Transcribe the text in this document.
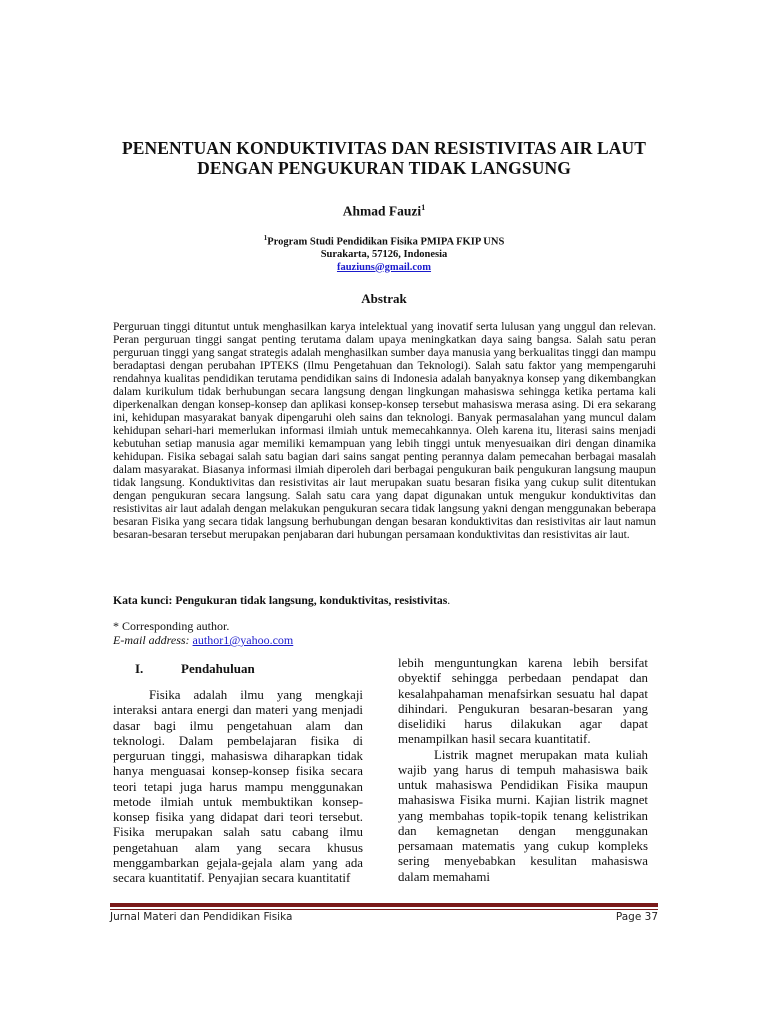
PENENTUAN KONDUKTIVITAS DAN RESISTIVITAS AIR LAUT
DENGAN PENGUKURAN TIDAK LANGSUNG
Ahmad Fauzi$^1$
$^1$Program Studi Pendidikan Fisika PMIPA FKIP UNS
Surakarta, 57126, Indonesia
fauziuns@gmail.com
Abstrak
Perguruan tinggi dituntut untuk menghasilkan karya intelektual yang inovatif serta lulusan yang unggul dan relevan. Peran perguruan tinggi sangat penting terutama dalam upaya meningkatkan daya saing bangsa. Salah satu peran perguruan tinggi yang sangat strategis adalah menghasilkan sumber daya manusia yang berkualitas tinggi dan mampu beradaptasi dengan perubahan IPTEKS (Ilmu Pengetahuan dan Teknologi). Salah satu faktor yang mempengaruhi rendahnya kualitas pendidikan terutama pendidikan sains di Indonesia adalah banyaknya konsep yang dikembangkan dalam kurikulum tidak berhubungan secara langsung dengan lingkungan mahasiswa sehingga ketika pertama kali diperkenalkan dengan konsep-konsep dan aplikasi konsep-konsep tersebut mahasiswa merasa asing. Di era sekarang ini, kehidupan masyarakat banyak dipengaruhi oleh sains dan teknologi. Banyak permasalahan yang muncul dalam kehidupan sehari-hari memerlukan informasi ilmiah untuk memecahkannya. Oleh karena itu, literasi sains menjadi kebutuhan setiap manusia agar memiliki kemampuan yang lebih tinggi untuk menyesuaikan diri dengan dinamika kehidupan. Fisika sebagai salah satu bagian dari sains sangat penting perannya dalam pemecahan berbagai masalah dalam masyarakat. Biasanya informasi ilmiah diperoleh dari berbagai pengukuran baik pengukuran langsung maupun tidak langsung. Konduktivitas dan resistivitas air laut merupakan suatu besaran fisika yang cukup sulit ditentukan dengan pengukuran secara langsung. Salah satu cara yang dapat digunakan untuk mengukur konduktivitas dan resistivitas air laut adalah dengan melakukan pengukuran secara tidak langsung yakni dengan menggunakan beberapa besaran Fisika yang secara tidak langsung berhubungan dengan besaran konduktivitas dan resistivitas air laut namun besaran-besaran tersebut merupakan penjabaran dari hubungan persamaan konduktivitas dan resistivitas air laut.
Kata kunci: Pengukuran tidak langsung, konduktivitas, resistivitas.
* Corresponding author.
E-mail address: author1@yahoo.com
I.	Pendahuluan

Fisika adalah ilmu yang mengkaji interaksi antara energi dan materi yang menjadi dasar bagi ilmu pengetahuan alam dan teknologi. Dalam pembelajaran fisika di perguruan tinggi, mahasiswa diharapkan tidak hanya menguasai konsep-konsep fisika secara teori tetapi juga harus mampu menggunakan metode ilmiah untuk membuktikan konsep-konsep fisika yang didapat dari teori tersebut. Fisika merupakan salah satu cabang ilmu pengetahuan alam yang secara khusus menggambarkan gejala-gejala alam yang ada secara kuantitatif. Penyajian secara kuantitatif

lebih menguntungkan karena lebih bersifat obyektif sehingga perbedaan pendapat dan kesalahpahaman menafsirkan sesuatu hal dapat dihindari. Pengukuran besaran-besaran yang diselidiki harus dilakukan agar dapat menampilkan hasil secara kuantitatif.

Listrik magnet merupakan mata kuliah wajib yang harus di tempuh mahasiswa baik untuk mahasiswa Pendidikan Fisika maupun mahasiswa Fisika murni. Kajian listrik magnet yang membahas topik-topik tenang kelistrikan dan kemagnetan dengan menggunakan persamaan matematis yang cukup kompleks sering menyebabkan kesulitan mahasiswa dalam memahami

Jurnal Materi dan Pendidikan Fisika	Page 37
